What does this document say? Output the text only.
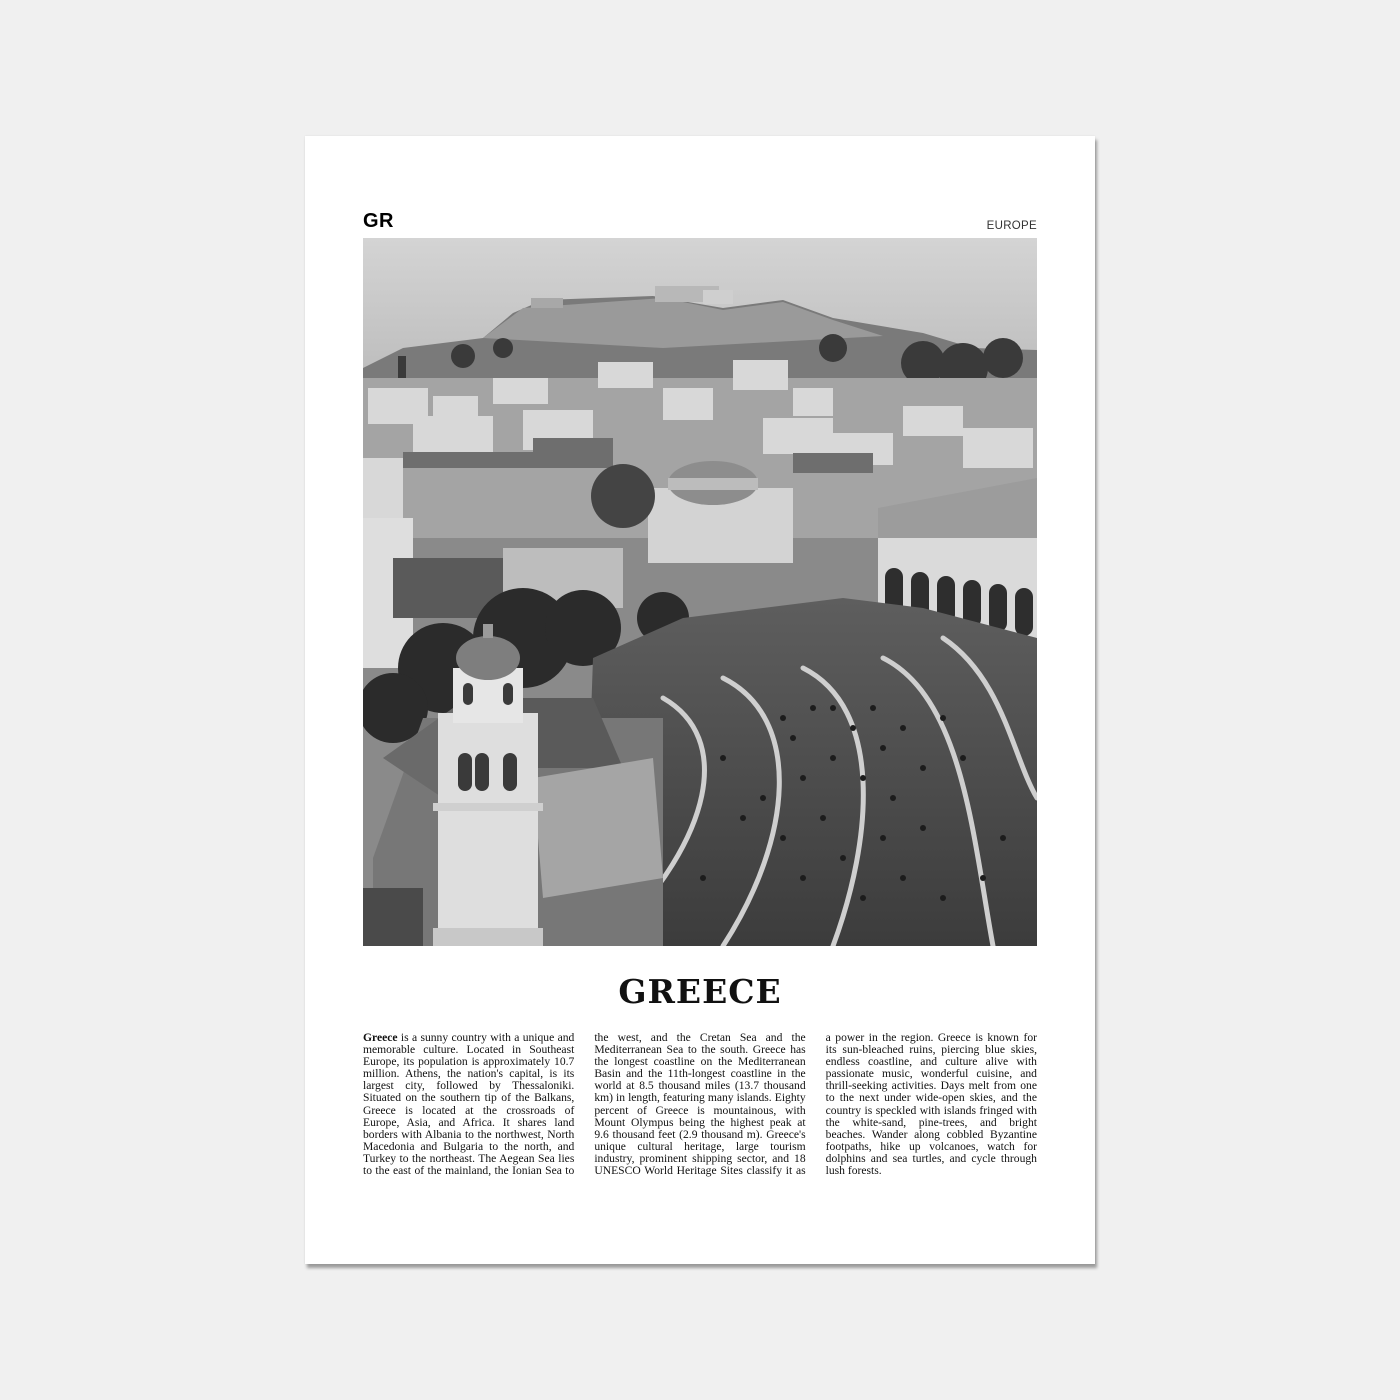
GR	EUROPE
GREECE
Greece is a sunny country with a unique and memorable culture. Located in Southeast Europe, its population is approximately 10.7 million. Athens, the nation's capital, is its largest city, followed by Thessaloniki. Situated on the southern tip of the Balkans, Greece is located at the crossroads of Europe, Asia, and Africa. It shares land borders with Albania to the northwest, North Macedonia and Bulgaria to the north, and Turkey to the northeast. The Aegean Sea lies to the east of the mainland, the Ionian Sea to the west, and the Cretan Sea and the Mediterranean Sea to the south. Greece has the longest coastline on the Mediterranean Basin and the 11th-longest coastline in the world at 8.5 thousand miles (13.7 thousand km) in length, featuring many islands. Eighty percent of Greece is mountainous, with Mount Olympus being the highest peak at 9.6 thousand feet (2.9 thousand m). Greece's unique cultural heritage, large tourism industry, prominent shipping sector, and 18 UNESCO World Heritage Sites classify it as a power in the region. Greece is known for its sun-bleached ruins, piercing blue skies, endless coastline, and culture alive with passionate music, wonderful cuisine, and thrill-seeking activities. Days melt from one to the next under wide-open skies, and the country is speckled with islands fringed with the white-sand, pine-trees, and bright beaches. Wander along cobbled Byzantine footpaths, hike up volcanoes, watch for dolphins and sea turtles, and cycle through lush forests.
